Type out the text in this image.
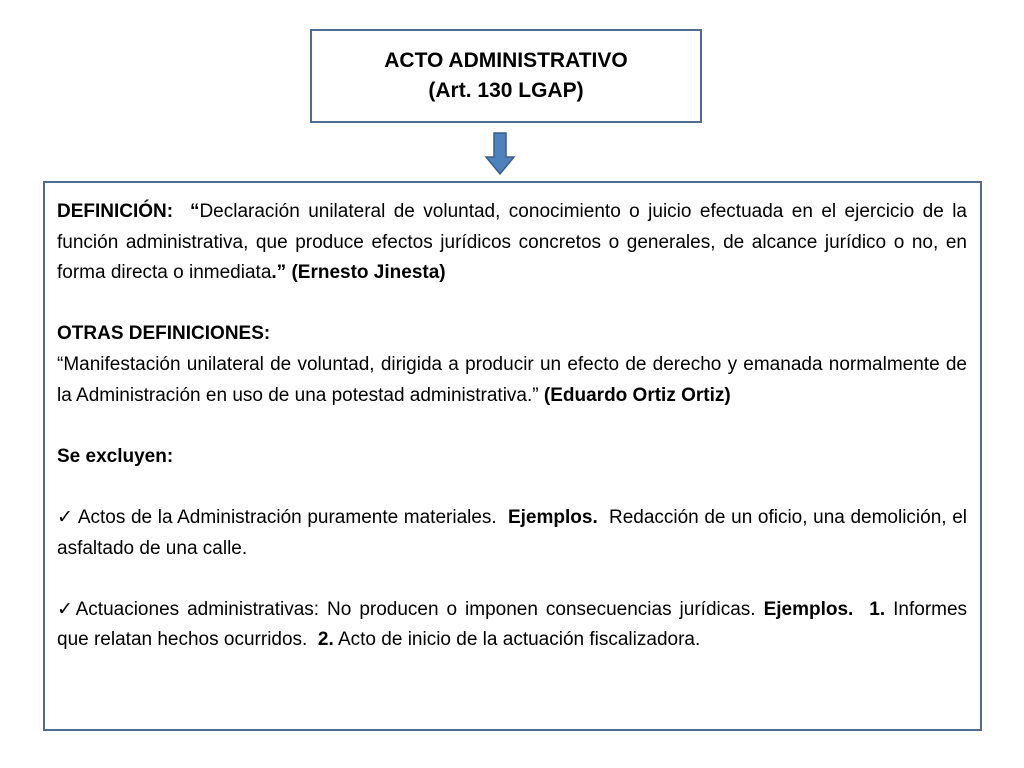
ACTO ADMINISTRATIVO
(Art. 130 LGAP)

DEFINICIÓN: “Declaración unilateral de voluntad, conocimiento o juicio efectuada en el ejercicio de la función administrativa, que produce efectos jurídicos concretos o generales, de alcance jurídico o no, en forma directa o inmediata.” (Ernesto Jinesta)

OTRAS DEFINICIONES:

“Manifestación unilateral de voluntad, dirigida a producir un efecto de derecho y emanada normalmente de la Administración en uso de una potestad administrativa.” (Eduardo Ortiz Ortiz)

Se excluyen:

✓ Actos de la Administración puramente materiales. Ejemplos. Redacción de un oficio, una demolición, el asfaltado de una calle.

✓Actuaciones administrativas: No producen o imponen consecuencias jurídicas. Ejemplos. 1. Informes que relatan hechos ocurridos. 2. Acto de inicio de la actuación fiscalizadora.
